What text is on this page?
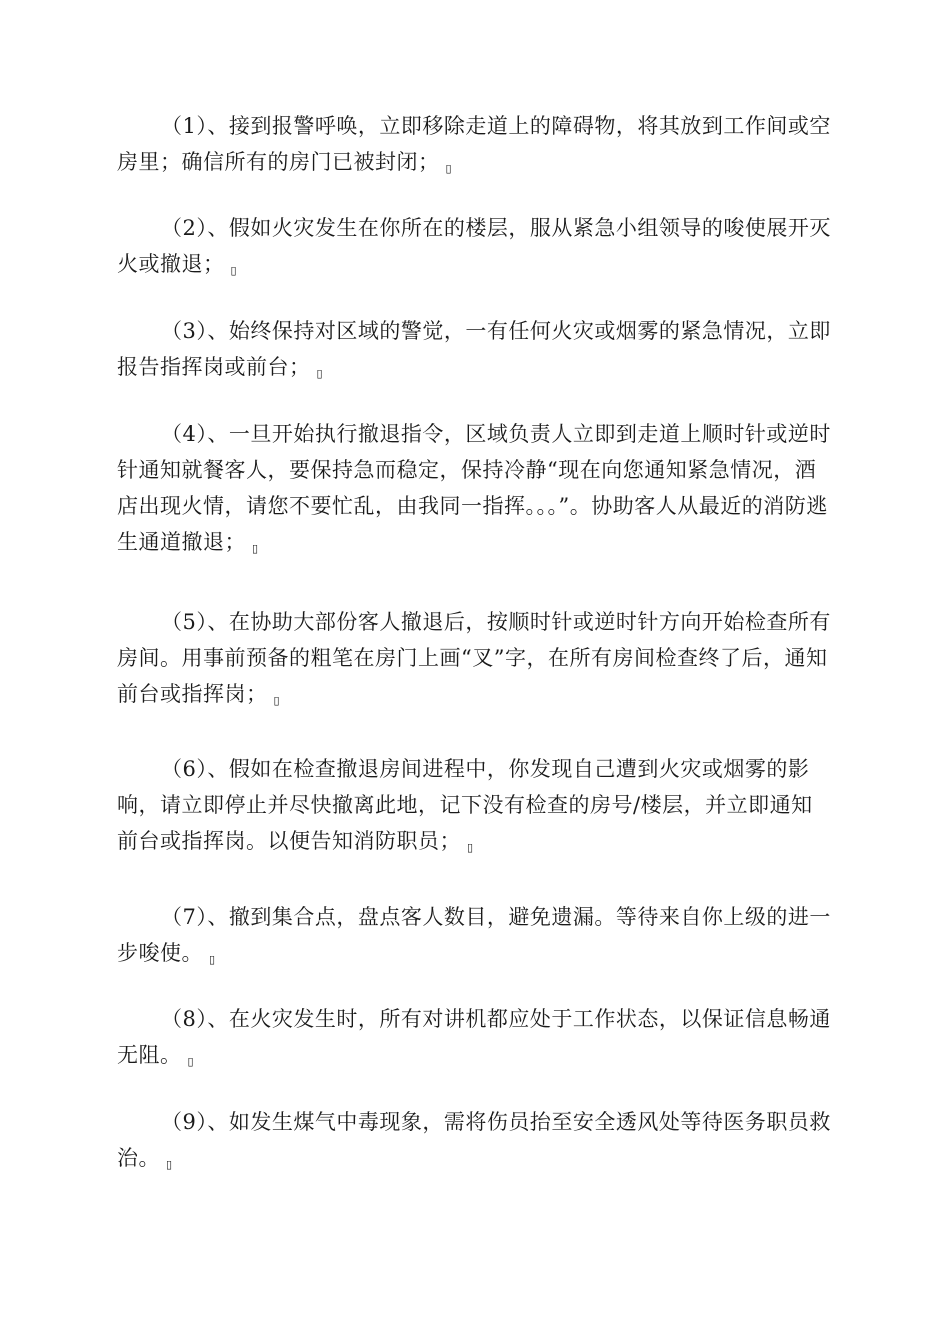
（1）、接到报警呼唤，立即移除走道上的障碍物，将其放到工作间或空房里；确信所有的房门已被封闭； ▯

（2）、假如火灾发生在你所在的楼层，服从紧急小组领导的唆使展开灭火或撤退； ▯

（3）、始终保持对区域的警觉，一有任何火灾或烟雾的紧急情况，立即报告指挥岗或前台； ▯

（4）、一旦开始执行撤退指令，区域负责人立即到走道上顺时针或逆时针通知就餐客人，要保持急而稳定，保持冷静“现在向您通知紧急情况，酒店出现火情，请您不要忙乱，由我同一指挥。。。”。协助客人从最近的消防逃生通道撤退； ▯

（5）、在协助大部份客人撤退后，按顺时针或逆时针方向开始检查所有房间。用事前预备的粗笔在房门上画“叉”字，在所有房间检查终了后，通知前台或指挥岗； ▯

（6）、假如在检查撤退房间进程中，你发现自己遭到火灾或烟雾的影响，请立即停止并尽快撤离此地，记下没有检查的房号/楼层，并立即通知前台或指挥岗。以便告知消防职员； ▯

（7）、撤到集合点，盘点客人数目，避免遗漏。等待来自你上级的进一步唆使。 ▯

（8）、在火灾发生时，所有对讲机都应处于工作状态，以保证信息畅通无阻。 ▯

（9）、如发生煤气中毒现象，需将伤员抬至安全透风处等待医务职员救治。 ▯
